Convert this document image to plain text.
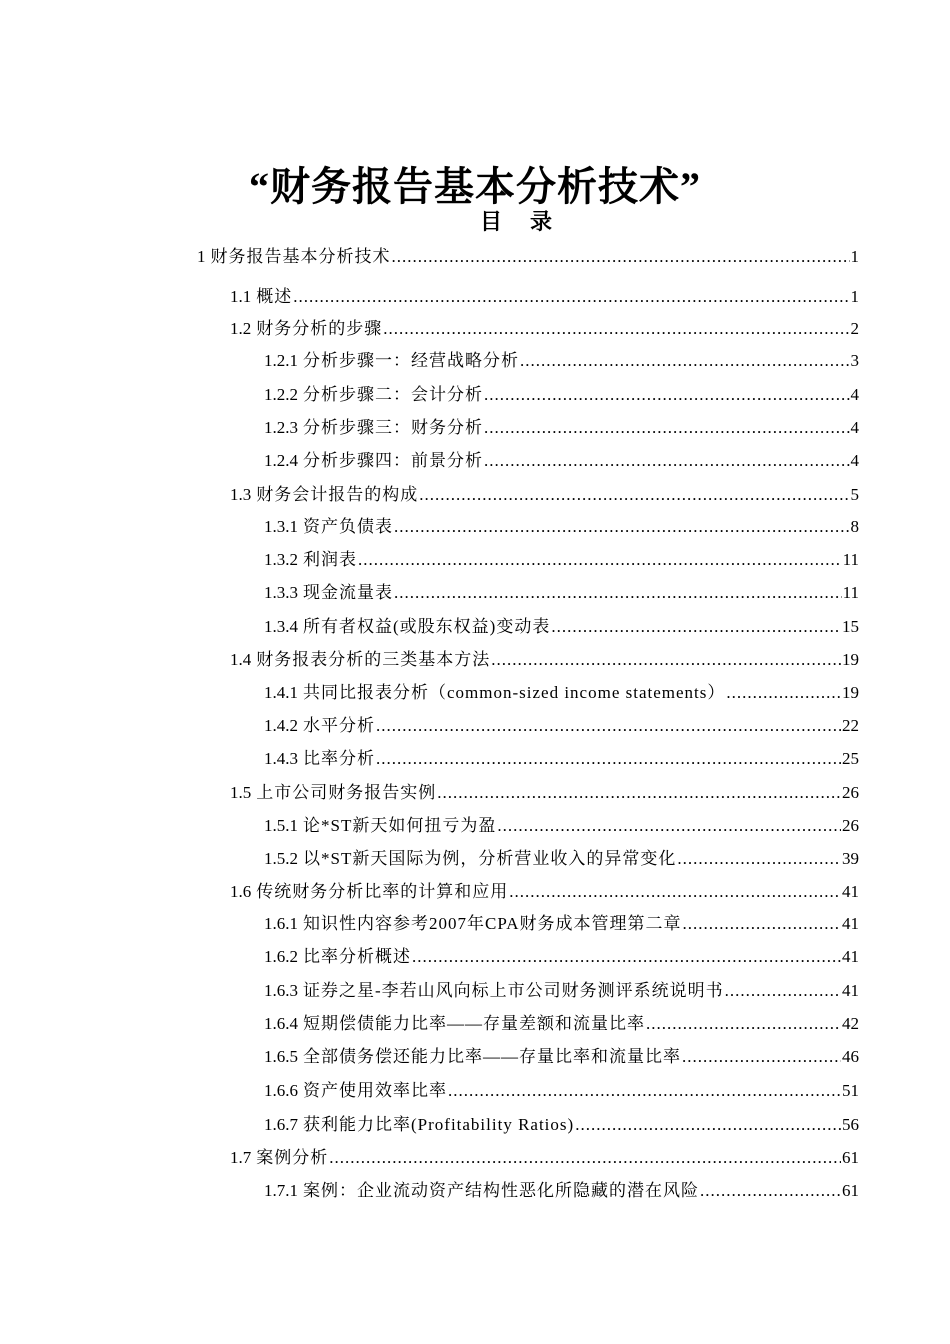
“财务报告基本分析技术”
目录
1 财务报告基本分析技术 .....	1
1.1 概述 .....	1
1.2 财务分析的步骤 .....	2
1.2.1 分析步骤一：经营战略分析 .....	3
1.2.2 分析步骤二：会计分析 .....	4
1.2.3 分析步骤三：财务分析 .....	4
1.2.4 分析步骤四：前景分析 .....	4
1.3 财务会计报告的构成 .....	5
1.3.1 资产负债表 .....	8
1.3.2 利润表 .....	11
1.3.3 现金流量表 .....	11
1.3.4 所有者权益(或股东权益)变动表 .....	15
1.4 财务报表分析的三类基本方法 .....	19
1.4.1 共同比报表分析（common-sized income statements） .....	19
1.4.2 水平分析 .....	22
1.4.3 比率分析 .....	25
1.5 上市公司财务报告实例 .....	26
1.5.1 论*ST新天如何扭亏为盈 .....	26
1.5.2 以*ST新天国际为例，分析营业收入的异常变化 .....	39
1.6 传统财务分析比率的计算和应用 .....	41
1.6.1 知识性内容参考2007年CPA财务成本管理第二章 .....	41
1.6.2 比率分析概述 .....	41
1.6.3 证券之星-李若山风向标上市公司财务测评系统说明书 .....	41
1.6.4 短期偿债能力比率——存量差额和流量比率 .....	42
1.6.5 全部债务偿还能力比率——存量比率和流量比率 .....	46
1.6.6 资产使用效率比率 .....	51
1.6.7 获利能力比率(Profitability Ratios) .....	56
1.7 案例分析 .....	61
1.7.1 案例：企业流动资产结构性恶化所隐藏的潜在风险 .....	61
